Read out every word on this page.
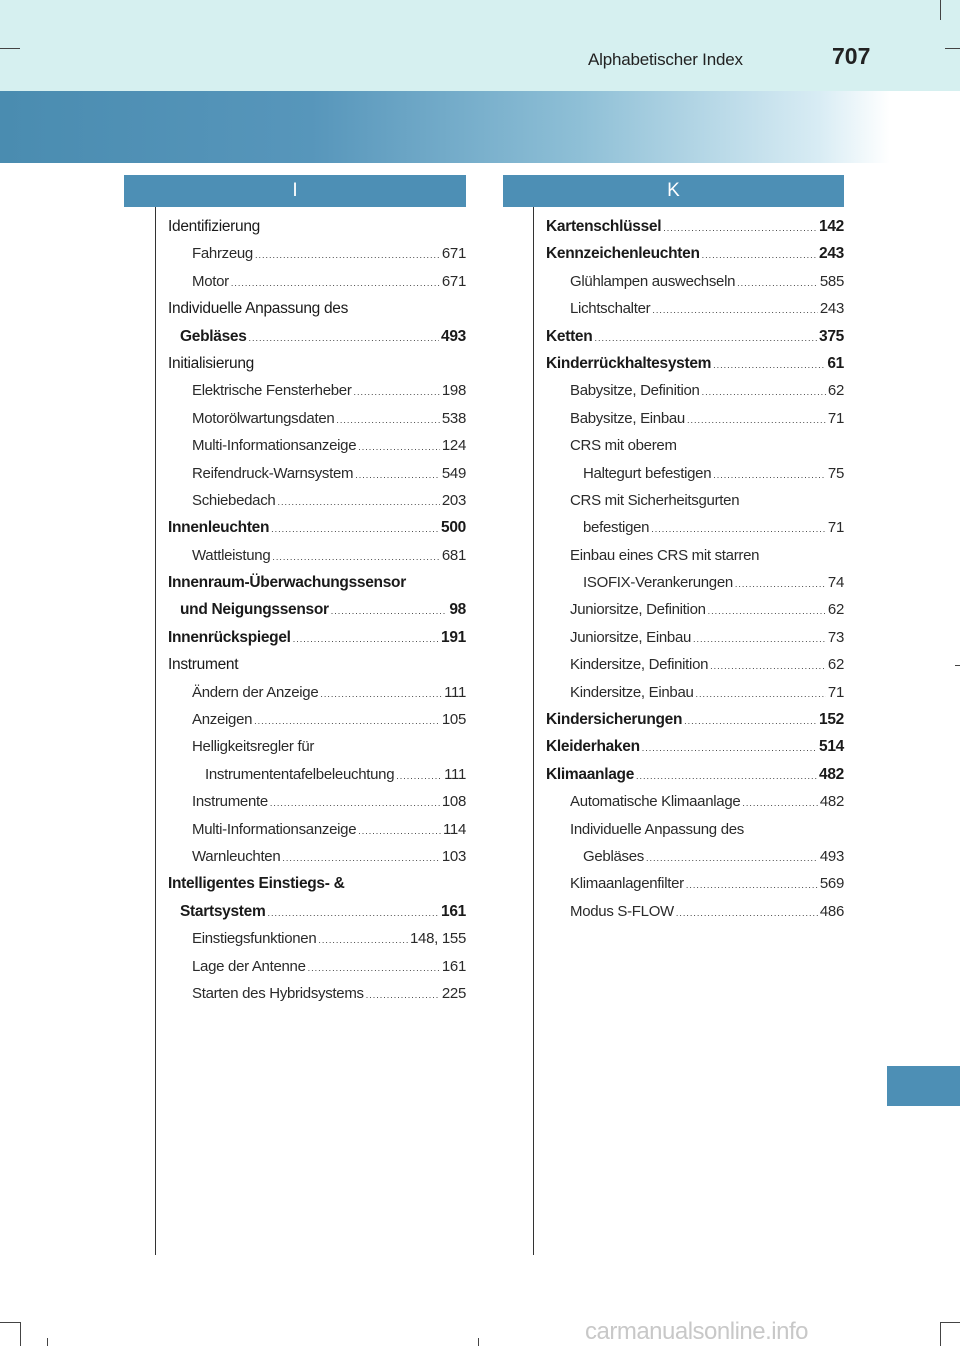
Alphabetischer Index	707
I	K
Identifizierung
Fahrzeug .....	671
Motor .....	671
Individuelle Anpassung des
Gebläses .....	493
Initialisierung
Elektrische Fensterheber .....	198
Motorölwartungsdaten .....	538
Multi-Informationsanzeige .....	124
Reifendruck-Warnsystem .....	549
Schiebedach .....	203
Innenleuchten .....	500
Wattleistung .....	681
Innenraum-Überwachungssensor
und Neigungssensor .....	98
Innenrückspiegel .....	191
Instrument
Ändern der Anzeige .....	111
Anzeigen .....	105
Helligkeitsregler für
Instrumententafelbeleuchtung .....	111
Instrumente .....	108
Multi-Informationsanzeige .....	114
Warnleuchten .....	103
Intelligentes Einstiegs- &
Startsystem .....	161
Einstiegsfunktionen .....	148, 155
Lage der Antenne .....	161
Starten des Hybridsystems .....	225
Kartenschlüssel .....	142
Kennzeichenleuchten .....	243
Glühlampen auswechseln .....	585
Lichtschalter .....	243
Ketten .....	375
Kinderrückhaltesystem .....	61
Babysitze, Definition .....	62
Babysitze, Einbau .....	71
CRS mit oberem
Haltegurt befestigen .....	75
CRS mit Sicherheitsgurten
befestigen .....	71
Einbau eines CRS mit starren
ISOFIX-Verankerungen .....	74
Juniorsitze, Definition .....	62
Juniorsitze, Einbau .....	73
Kindersitze, Definition .....	62
Kindersitze, Einbau .....	71
Kindersicherungen .....	152
Kleiderhaken .....	514
Klimaanlage .....	482
Automatische Klimaanlage .....	482
Individuelle Anpassung des
Gebläses .....	493
Klimaanlagenfilter .....	569
Modus S-FLOW .....	486
carmanualsonline.info
